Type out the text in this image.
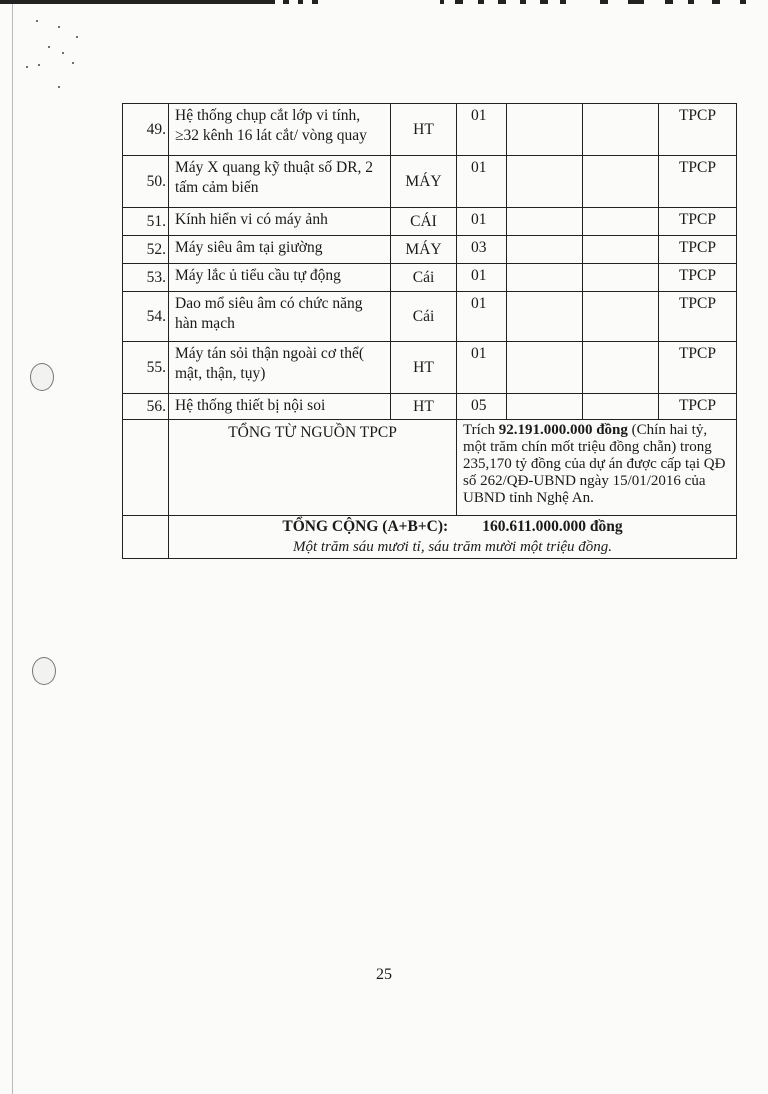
49.	Hệ thống chụp cắt lớp vi tính, ≥32 kênh 16 lát cắt/ vòng quay	HT	01			TPCP
50.	Máy X quang kỹ thuật số DR, 2 tấm cảm biến	MÁY	01			TPCP
51.	Kính hiển vi có máy ảnh	CÁI	01			TPCP
52.	Máy siêu âm tại giường	MÁY	03			TPCP
53.	Máy lắc ủ tiểu cầu tự động	Cái	01			TPCP
54.	Dao mổ siêu âm có chức năng hàn mạch	Cái	01			TPCP
55.	Máy tán sỏi thận ngoài cơ thể( mật, thận, tụy)	HT	01			TPCP
56.	Hệ thống thiết bị nội soi	HT	05			TPCP
	TỔNG TỪ NGUỒN TPCP		Trích 92.191.000.000 đồng (Chín hai tỷ, một trăm chín mốt triệu đồng chẵn) trong 235,170 tỷ đồng của dự án được cấp tại QĐ số 262/QĐ-UBND ngày 15/01/2016 của UBND tỉnh Nghệ An.			

	TỔNG CỘNG (A+B+C): 160.611.000.000 đồng
Một trăm sáu mươi tỉ, sáu trăm mười một triệu đồng.					
25
